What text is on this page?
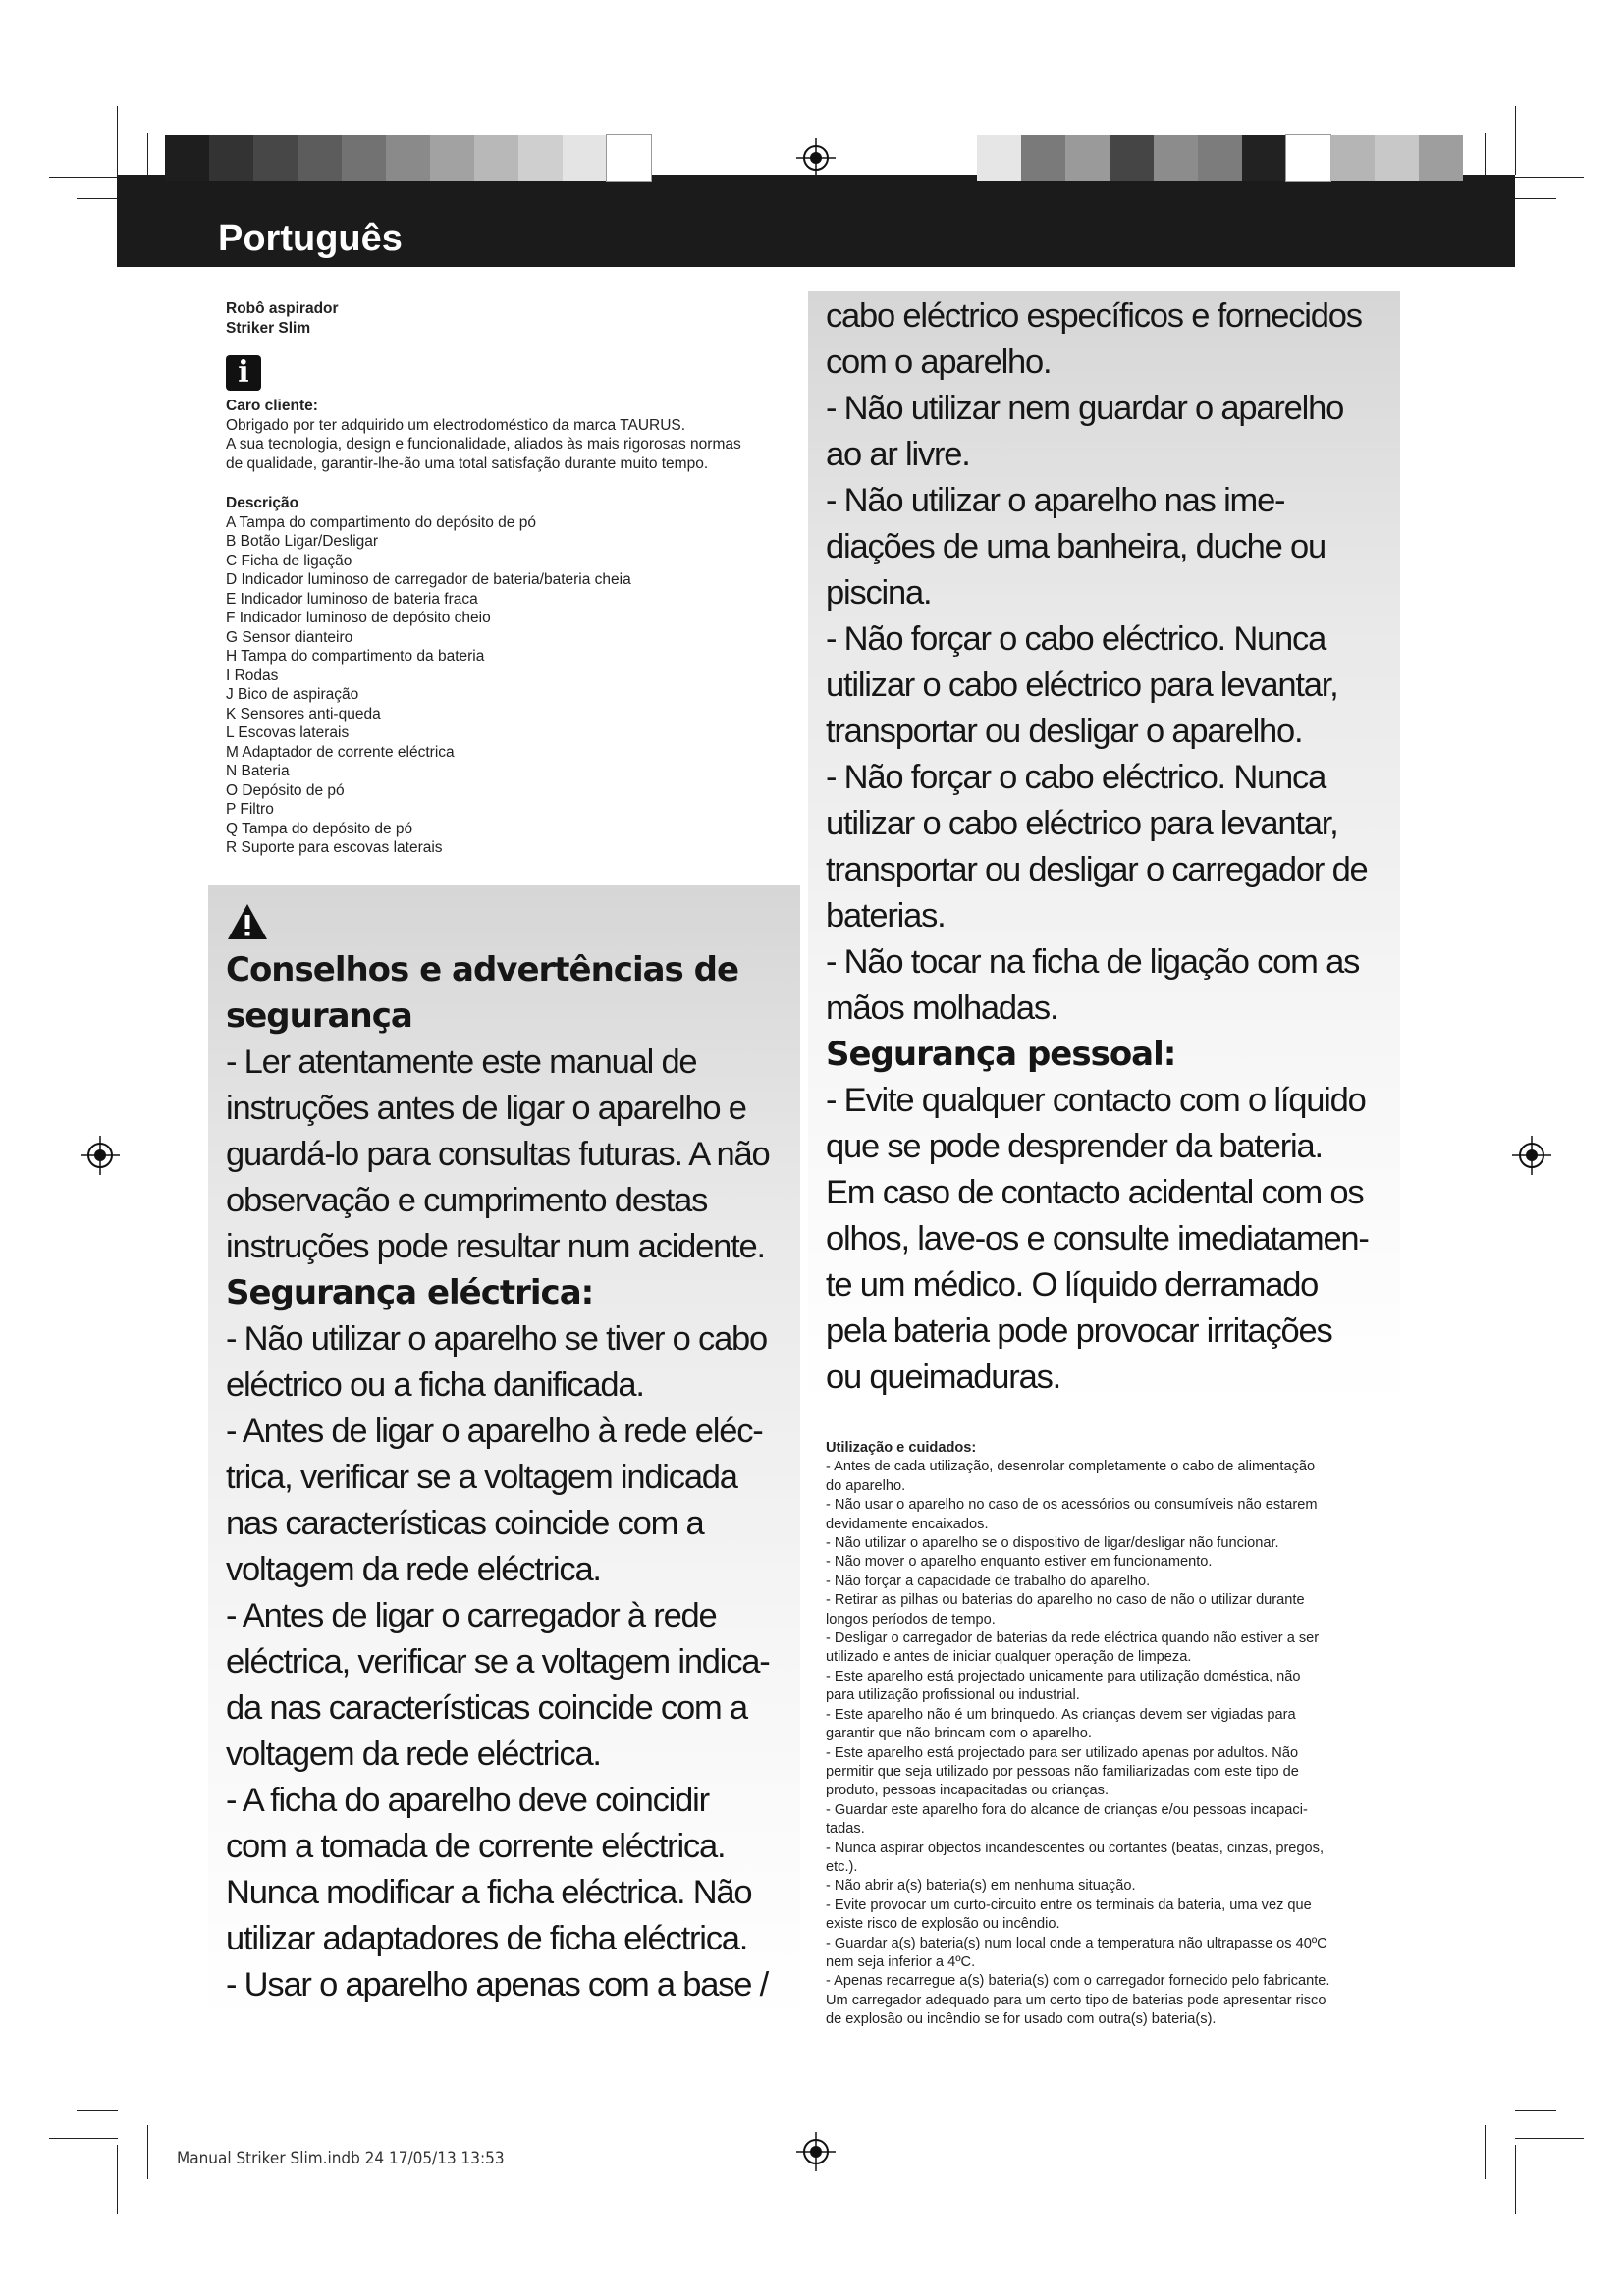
Português
Robô aspirador
Striker Slim
i
Caro cliente:
Obrigado por ter adquirido um electrodoméstico da marca TAURUS.
A sua tecnologia, design e funcionalidade, aliados às mais rigorosas normas
de qualidade, garantir-lhe-ão uma total satisfação durante muito tempo.
Descrição
A Tampa do compartimento do depósito de pó
B Botão Ligar/Desligar
C Ficha de ligação
D Indicador luminoso de carregador de bateria/bateria cheia
E Indicador luminoso de bateria fraca
F Indicador luminoso de depósito cheio
G Sensor dianteiro
H Tampa do compartimento da bateria
I Rodas
J Bico de aspiração
K Sensores anti-queda
L Escovas laterais
M Adaptador de corrente eléctrica
N Bateria
O Depósito de pó
P Filtro
Q Tampa do depósito de pó
R Suporte para escovas laterais

Conselhos e advertências de

segurança

- Ler atentamente este manual de

instruções antes de ligar o aparelho e

guardá-lo para consultas futuras. A não

observação e cumprimento destas

instruções pode resultar num acidente.

Segurança eléctrica:

- Não utilizar o aparelho se tiver o cabo

eléctrico ou a ficha danificada.

- Antes de ligar o aparelho à rede eléc-

trica, verificar se a voltagem indicada

nas características coincide com a

voltagem da rede eléctrica.

- Antes de ligar o carregador à rede

eléctrica, verificar se a voltagem indica-

da nas características coincide com a

voltagem da rede eléctrica.

- A ficha do aparelho deve coincidir

com a tomada de corrente eléctrica.

Nunca modificar a ficha eléctrica. Não

utilizar adaptadores de ficha eléctrica.

- Usar o aparelho apenas com a base /

cabo eléctrico específicos e fornecidos

com o aparelho.

- Não utilizar nem guardar o aparelho

ao ar livre.

- Não utilizar o aparelho nas ime-

diações de uma banheira, duche ou

piscina.

- Não forçar o cabo eléctrico. Nunca

utilizar o cabo eléctrico para levantar,

transportar ou desligar o aparelho.

- Não forçar o cabo eléctrico. Nunca

utilizar o cabo eléctrico para levantar,

transportar ou desligar o carregador de

baterias.

- Não tocar na ficha de ligação com as

mãos molhadas.

Segurança pessoal:

- Evite qualquer contacto com o líquido

que se pode desprender da bateria.

Em caso de contacto acidental com os

olhos, lave-os e consulte imediatamen-

te um médico. O líquido derramado

pela bateria pode provocar irritações

ou queimaduras.

Utilização e cuidados:

- Antes de cada utilização, desenrolar completamente o cabo de alimentação

do aparelho.

- Não usar o aparelho no caso de os acessórios ou consumíveis não estarem

devidamente encaixados.

- Não utilizar o aparelho se o dispositivo de ligar/desligar não funcionar.

- Não mover o aparelho enquanto estiver em funcionamento.

- Não forçar a capacidade de trabalho do aparelho.

- Retirar as pilhas ou baterias do aparelho no caso de não o utilizar durante

longos períodos de tempo.

- Desligar o carregador de baterias da rede eléctrica quando não estiver a ser

utilizado e antes de iniciar qualquer operação de limpeza.

- Este aparelho está projectado unicamente para utilização doméstica, não

para utilização profissional ou industrial.

- Este aparelho não é um brinquedo. As crianças devem ser vigiadas para

garantir que não brincam com o aparelho.

- Este aparelho está projectado para ser utilizado apenas por adultos. Não

permitir que seja utilizado por pessoas não familiarizadas com este tipo de

produto, pessoas incapacitadas ou crianças.

- Guardar este aparelho fora do alcance de crianças e/ou pessoas incapaci-

tadas.

- Nunca aspirar objectos incandescentes ou cortantes (beatas, cinzas, pregos,

etc.).

- Não abrir a(s) bateria(s) em nenhuma situação.

- Evite provocar um curto-circuito entre os terminais da bateria, uma vez que

existe risco de explosão ou incêndio.

- Guardar a(s) bateria(s) num local onde a temperatura não ultrapasse os 40ºC

nem seja inferior a 4ºC.

- Apenas recarregue a(s) bateria(s) com o carregador fornecido pelo fabricante.

Um carregador adequado para um certo tipo de baterias pode apresentar risco

de explosão ou incêndio se for usado com outra(s) bateria(s).

Manual Striker Slim.indb 24 17/05/13 13:53
